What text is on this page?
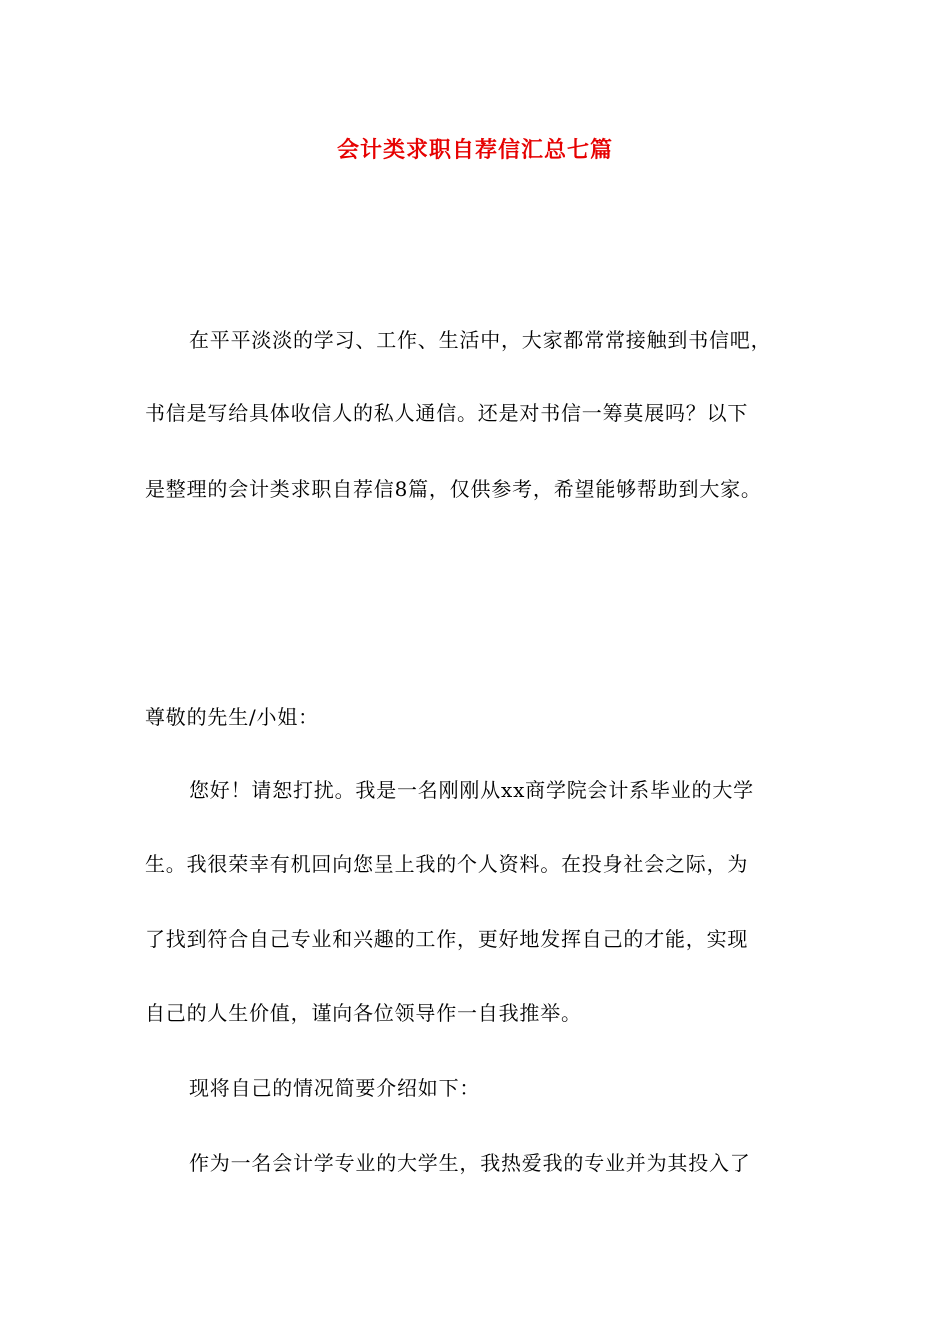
会计类求职自荐信汇总七篇
在平平淡淡的学习、工作、生活中，大家都常常接触到书信吧，
书信是写给具体收信人的私人通信。还是对书信一筹莫展吗？以下
是整理的会计类求职自荐信8篇，仅供参考，希望能够帮助到大家。
尊敬的先生/小姐：
您好！请恕打扰。我是一名刚刚从xx商学院会计系毕业的大学
生。我很荣幸有机回向您呈上我的个人资料。在投身社会之际，为
了找到符合自己专业和兴趣的工作，更好地发挥自己的才能，实现
自己的人生价值，谨向各位领导作一自我推举。
现将自己的情况简要介绍如下：
作为一名会计学专业的大学生，我热爱我的专业并为其投入了
